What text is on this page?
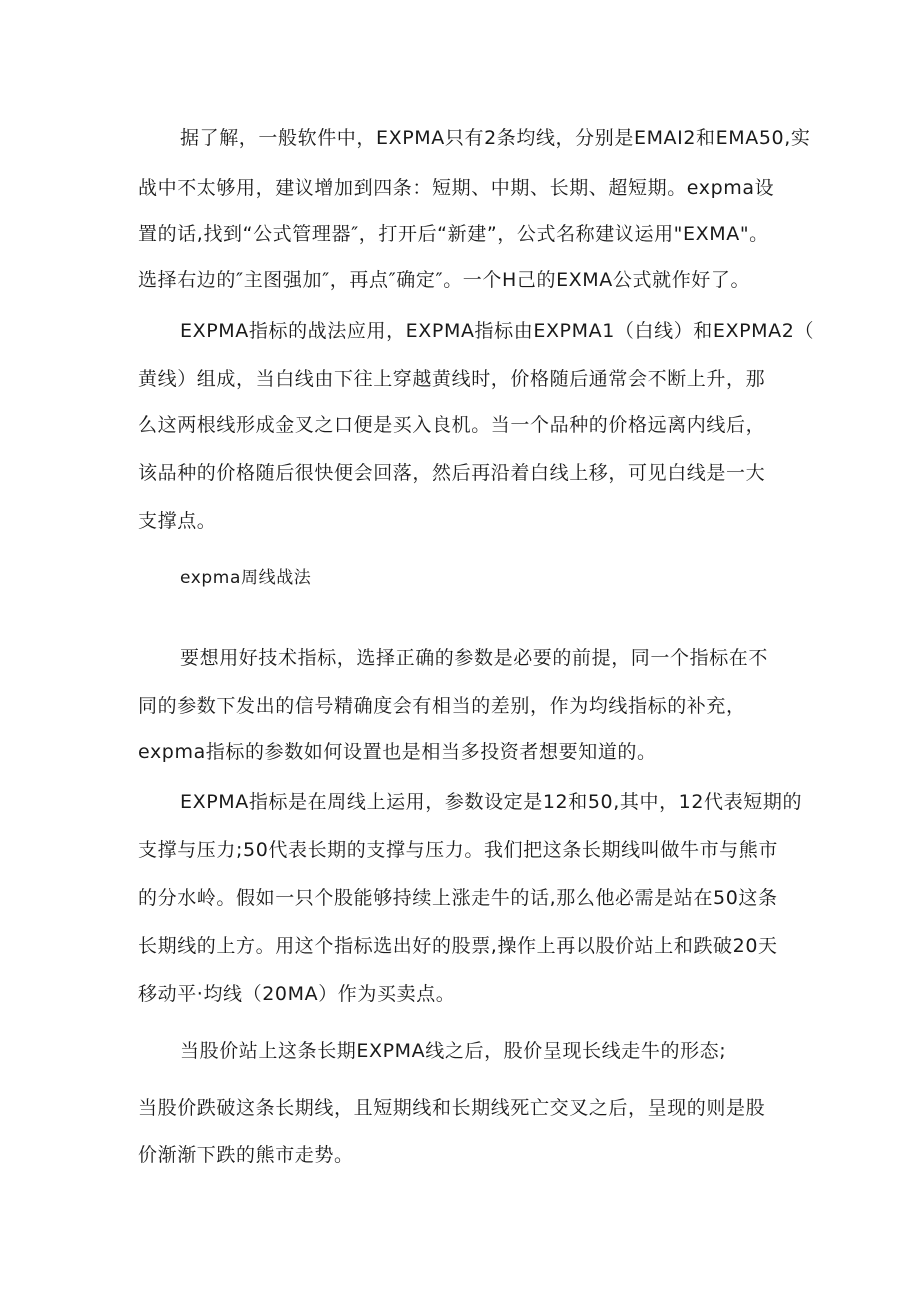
据了解，一般软件中，EXPMA只有2条均线，分别是EMAI2和EMA50,实
战中不太够用，建议增加到四条：短期、中期、长期、超短期。expma设
置的话,找到“公式管理器″，打开后“新建”，公式名称建议运用"EXMA"。
选择右边的″主图强加″，再点″确定″。一个H己的EXMA公式就作好了。
EXPMA指标的战法应用，EXPMA指标由EXPMA1（白线）和EXPMA2（
黄线）组成，当白线由下往上穿越黄线时，价格随后通常会不断上升，那
么这两根线形成金叉之口便是买入良机。当一个品种的价格远离内线后，
该品种的价格随后很快便会回落，然后再沿着白线上移，可见白线是一大
支撑点。
expma周线战法
要想用好技术指标，选择正确的参数是必要的前提，同一个指标在不
同的参数下发出的信号精确度会有相当的差别，作为均线指标的补充，
expma指标的参数如何设置也是相当多投资者想要知道的。
EXPMA指标是在周线上运用，参数设定是12和50,其中，12代表短期的
支撑与压力;50代表长期的支撑与压力。我们把这条长期线叫做牛市与熊市
的分水岭。假如一只个股能够持续上涨走牛的话,那么他必需是站在50这条
长期线的上方。用这个指标选出好的股票,操作上再以股价站上和跌破20天
移动平·均线（20MA）作为买卖点。
当股价站上这条长期EXPMA线之后，股价呈现长线走牛的形态;
当股价跌破这条长期线，且短期线和长期线死亡交叉之后，呈现的则是股
价渐渐下跌的熊市走势。
